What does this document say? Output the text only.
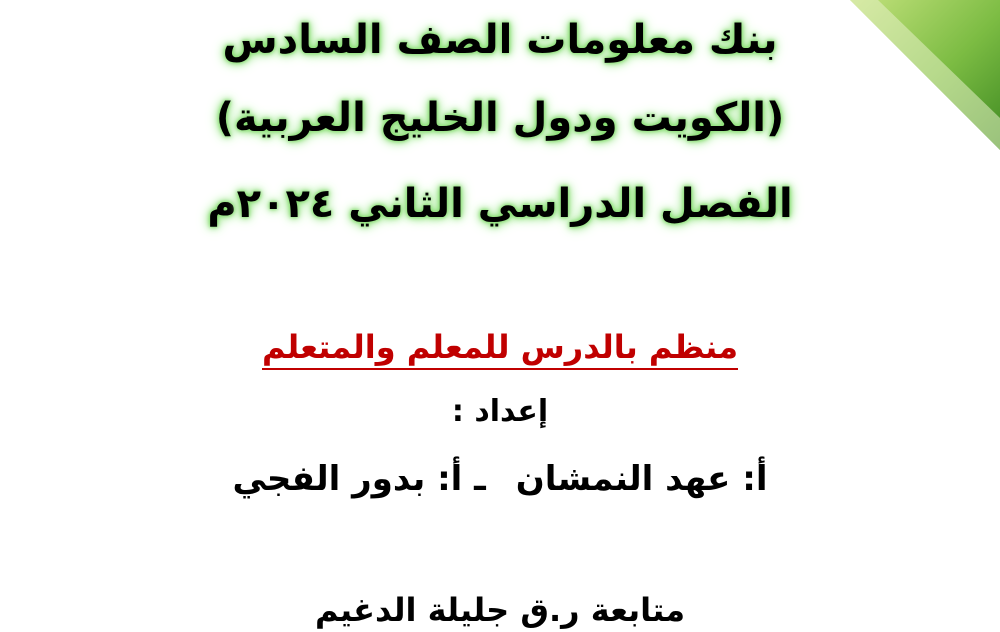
بنك معلومات الصف السادس
(الكويت ودول الخليج العربية)
الفصل الدراسي الثاني ٢٠٢٤م
منظم بالدرس للمعلم والمتعلم
إعداد :
أ: عهد النمشانـ أ: بدور الفجي
متابعة ر.ق جليلة الدغيم
